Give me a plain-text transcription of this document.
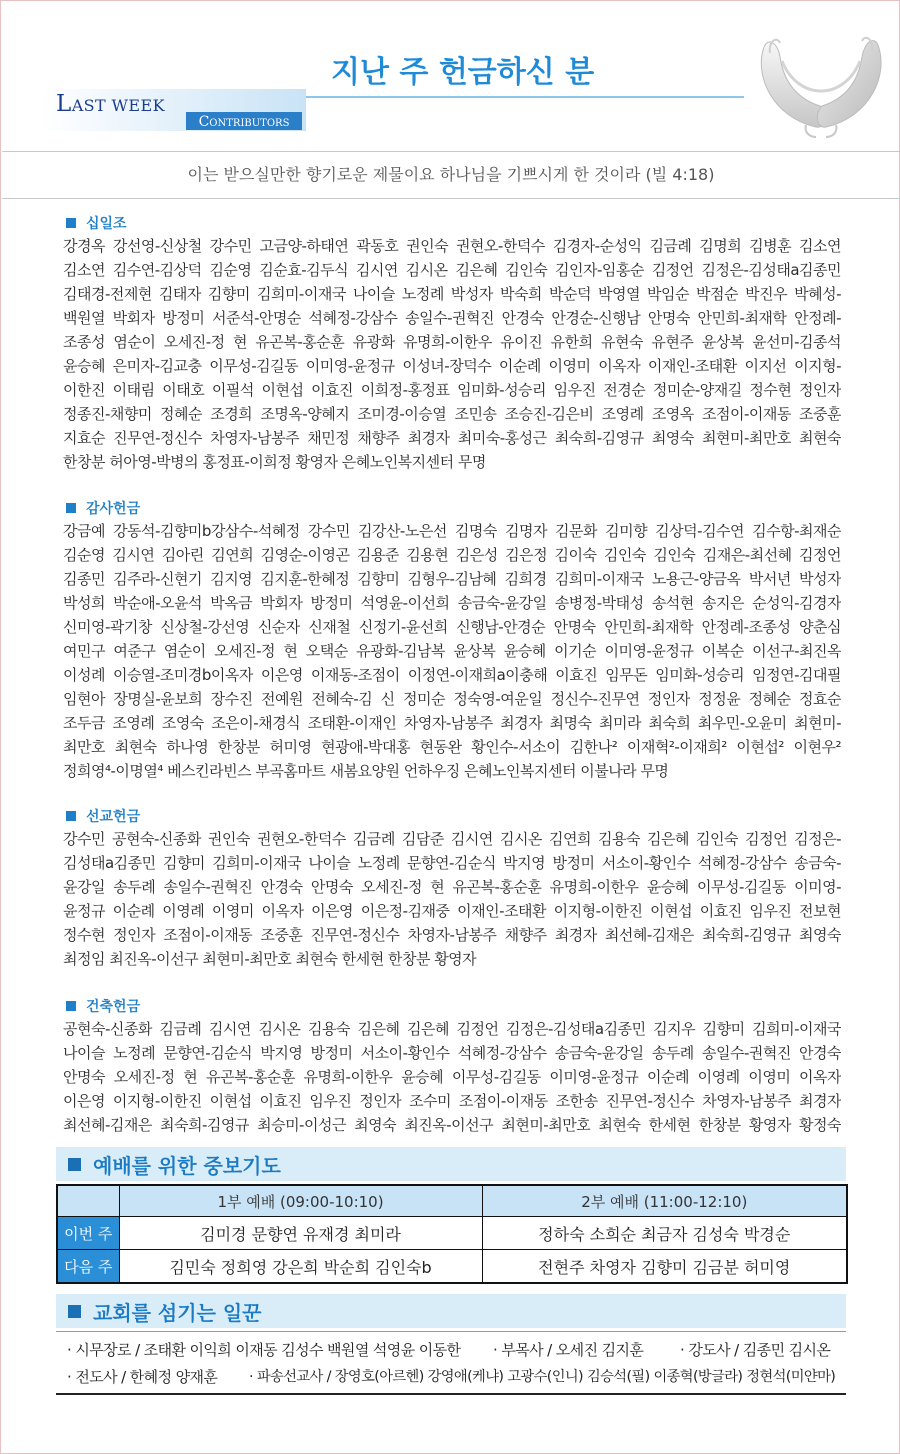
LAST WEEK
CONTRIBUTORS
지난 주 헌금하신 분
이는 받으실만한 향기로운 제물이요 하나님을 기쁘시게 한 것이라 (빌 4:18)
십일조
강경옥 강선영-신상철 강수민 고금양-하태연 곽동호 권인숙 권현오-한덕수 김경자-순성익 김금례 김명희 김병훈 김소연
김소연 김수연-김상덕 김순영 김순효-김두식 김시연 김시온 김은혜 김인숙 김인자-임홍순 김정언 김정은-김성태a김종민
김태경-전제현 김태자 김향미 김희미-이재국 나이슬 노정례 박성자 박숙희 박순덕 박영열 박임순 박점순 박진우 박혜성-
백원열 박회자 방정미 서준석-안명순 석혜정-강삼수 송일수-권혁진 안경숙 안경순-신행남 안명숙 안민희-최재학 안정례-
조종성 염순이 오세진-정 현 유곤복-홍순훈 유광화 유명희-이한우 유이진 유한희 유현숙 유현주 윤상복 윤선미-김종석
윤승혜 은미자-김교충 이무성-김길동 이미영-윤정규 이성녀-장덕수 이순례 이영미 이옥자 이재인-조태환 이지선 이지형-
이한진 이태림 이태호 이필석 이현섭 이효진 이희정-홍정표 임미화-성승리 임우진 전경순 정미순-양재길 정수현 정인자
정종진-채향미 정혜순 조경희 조명옥-양혜지 조미경-이승열 조민송 조승진-김은비 조영례 조영옥 조점이-이재동 조중훈
지효순 진무연-정신수 차영자-남봉주 채민정 채향주 최경자 최미숙-홍성근 최숙희-김영규 최영숙 최현미-최만호 최현숙
한창분 허아영-박병의 홍정표-이희정 황영자 은혜노인복지센터 무명
감사헌금
강금예 강동석-김향미b강삼수-석혜정 강수민 김강산-노은선 김명숙 김명자 김문화 김미향 김상덕-김수연 김수항-최재순
김순영 김시연 김아린 김연희 김영순-이영곤 김용준 김용현 김은성 김은정 김이숙 김인숙 김인숙 김재은-최선혜 김정언
김종민 김주라-신현기 김지영 김지훈-한혜정 김향미 김형우-김남혜 김희경 김희미-이재국 노용근-양금옥 박서년 박성자
박성희 박순애-오윤석 박옥금 박회자 방정미 석영윤-이선희 송금숙-윤강일 송병정-박태성 송석현 송지은 순성익-김경자
신미영-곽기창 신상철-강선영 신순자 신재철 신정기-윤선희 신행남-안경순 안명숙 안민희-최재학 안정례-조종성 양춘심
여민구 여준구 염순이 오세진-정 현 오택순 유광화-김남복 윤상복 윤승혜 이기순 이미영-윤정규 이복순 이선구-최진옥
이성례 이승열-조미경b이옥자 이은영 이재동-조점이 이정연-이재희a이충해 이효진 임무돈 임미화-성승리 임정연-김대필
임현아 장명실-윤보희 장수진 전예원 전혜숙-김 신 정미순 정숙영-여운일 정신수-진무연 정인자 정정윤 정혜순 정효순
조두금 조영례 조영숙 조은이-채경식 조태환-이재인 차영자-남봉주 최경자 최명숙 최미라 최숙희 최우민-오윤미 최현미-
최만호 최현숙 하나영 한창분 허미영 현광애-박대홍 현동완 황인수-서소이 김한나² 이재혁²-이재희² 이현섭² 이현우²
정희영⁴-이명열⁴ 베스킨라빈스 부곡홈마트 새봄요양원 언하우징 은혜노인복지센터 이불나라 무명
선교헌금
강수민 공현숙-신종화 권인숙 권현오-한덕수 김금례 김담준 김시연 김시온 김연희 김용숙 김은혜 김인숙 김정언 김정은-
김성태a김종민 김향미 김희미-이재국 나이슬 노정례 문향연-김순식 박지영 방정미 서소이-황인수 석혜정-강삼수 송금숙-
윤강일 송두례 송일수-권혁진 안경숙 안명숙 오세진-정 현 유곤복-홍순훈 유명희-이한우 윤승혜 이무성-김길동 이미영-
윤정규 이순례 이영례 이영미 이옥자 이은영 이은정-김재중 이재인-조태환 이지형-이한진 이현섭 이효진 임우진 전보현
정수현 정인자 조점이-이재동 조중훈 진무연-정신수 차영자-남봉주 채향주 최경자 최선혜-김재은 최숙희-김영규 최영숙
최정임 최진옥-이선구 최현미-최만호 최현숙 한세현 한창분 황영자
건축헌금
공현숙-신종화 김금례 김시연 김시온 김용숙 김은혜 김은혜 김정언 김정은-김성태a김종민 김지우 김향미 김희미-이재국
나이슬 노정례 문향연-김순식 박지영 방정미 서소이-황인수 석혜정-강삼수 송금숙-윤강일 송두례 송일수-권혁진 안경숙
안명숙 오세진-정 현 유곤복-홍순훈 유명희-이한우 윤승혜 이무성-김길동 이미영-윤정규 이순례 이영례 이영미 이옥자
이은영 이지형-이한진 이현섭 이효진 임우진 정인자 조수미 조점이-이재동 조한송 진무연-정신수 차영자-남봉주 최경자
최선혜-김재은 최숙희-김영규 최승미-이성근 최영숙 최진옥-이선구 최현미-최만호 최현숙 한세현 한창분 황영자 황정숙
예배를 위한 중보기도
	1부 예배 (09:00-10:10)	2부 예배 (11:00-12:10)
이번 주	김미경 문향연 유재경 최미라	정하숙 소희순 최금자 김성숙 박경순
다음 주	김민숙 정희영 강은희 박순희 김인숙b	전현주 차영자 김향미 김금분 허미영
교회를 섬기는 일꾼
· 시무장로 / 조태환 이익희 이재동 김성수 백원열 석영윤 이동한	· 부목사 / 오세진 김지훈	· 강도사 / 김종민 김시온
· 전도사 / 한혜정 양재훈	· 파송선교사 / 장영호(아르헨) 강영애(케냐) 고광수(인니) 김승석(필) 이종혁(방글라) 정현석(미얀마)
